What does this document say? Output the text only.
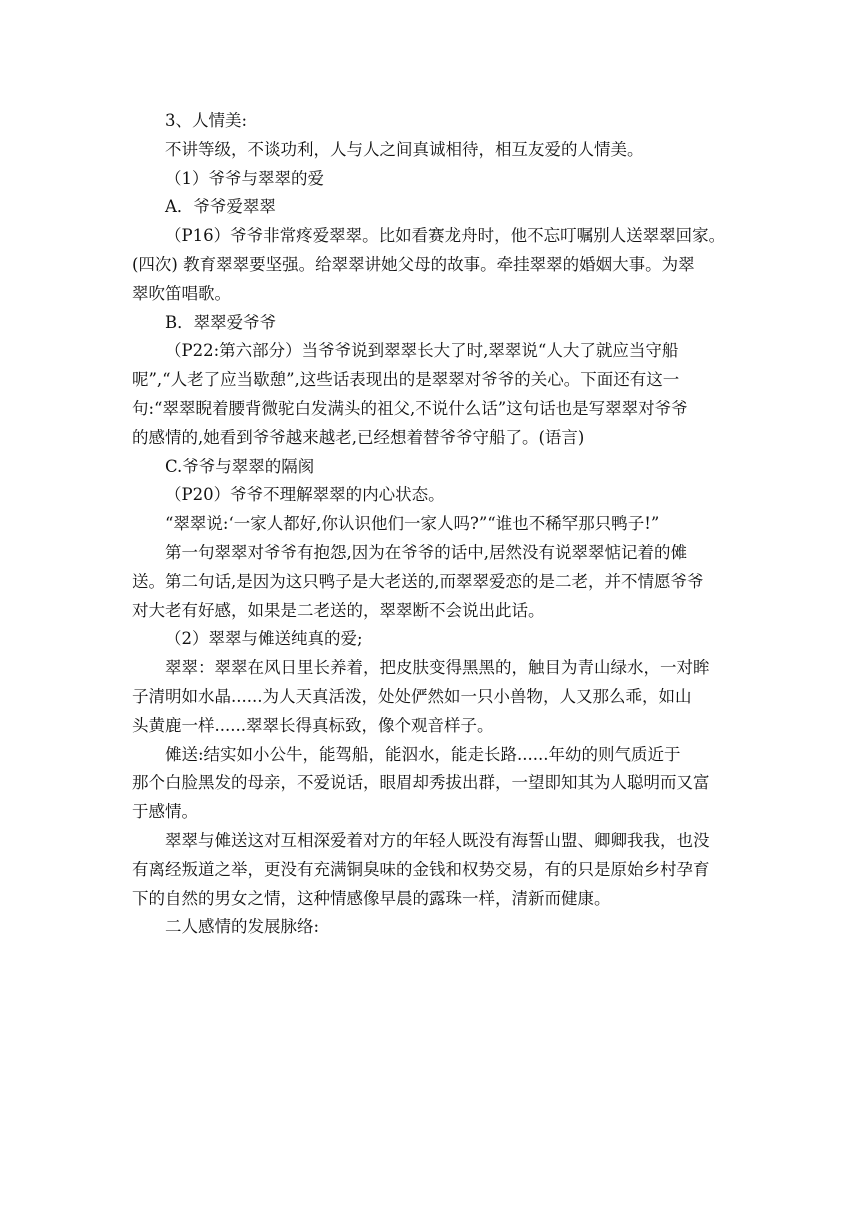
3、人情美:
不讲等级，不谈功利，人与人之间真诚相待，相互友爱的人情美。
（1）爷爷与翠翠的爱
A．爷爷爱翠翠
（P16）爷爷非常疼爱翠翠。比如看赛龙舟时，他不忘叮嘱别人送翠翠回家。
(四次) 教育翠翠要坚强。给翠翠讲她父母的故事。牵挂翠翠的婚姻大事。为翠
翠吹笛唱歌。
B．翠翠爱爷爷
（P22:第六部分）当爷爷说到翠翠长大了时,翠翠说“人大了就应当守船
呢”,“人老了应当歇憩”,这些话表现出的是翠翠对爷爷的关心。下面还有这一
句:“翠翠睨着腰背微驼白发满头的祖父,不说什么话”这句话也是写翠翠对爷爷
的感情的,她看到爷爷越来越老,已经想着替爷爷守船了。(语言)
C.爷爷与翠翠的隔阂
（P20）爷爷不理解翠翠的内心状态。
“翠翠说:‘一家人都好,你认识他们一家人吗?”“谁也不稀罕那只鸭子!”
第一句翠翠对爷爷有抱怨,因为在爷爷的话中,居然没有说翠翠惦记着的傩
送。第二句话,是因为这只鸭子是大老送的,而翠翠爱恋的是二老，并不情愿爷爷
对大老有好感，如果是二老送的，翠翠断不会说出此话。
（2）翠翠与傩送纯真的爱;
翠翠：翠翠在风日里长养着，把皮肤变得黑黑的，触目为青山绿水，一对眸
子清明如水晶......为人天真活泼，处处俨然如一只小兽物，人又那么乖，如山
头黄鹿一样......翠翠长得真标致，像个观音样子。
傩送:结实如小公牛，能驾船，能泅水，能走长路......年幼的则气质近于
那个白脸黑发的母亲，不爱说话，眼眉却秀拔出群，一望即知其为人聪明而又富
于感情。
翠翠与傩送这对互相深爱着对方的年轻人既没有海誓山盟、卿卿我我，也没
有离经叛道之举，更没有充满铜臭味的金钱和权势交易，有的只是原始乡村孕育
下的自然的男女之情，这种情感像早晨的露珠一样，清新而健康。
二人感情的发展脉络:
